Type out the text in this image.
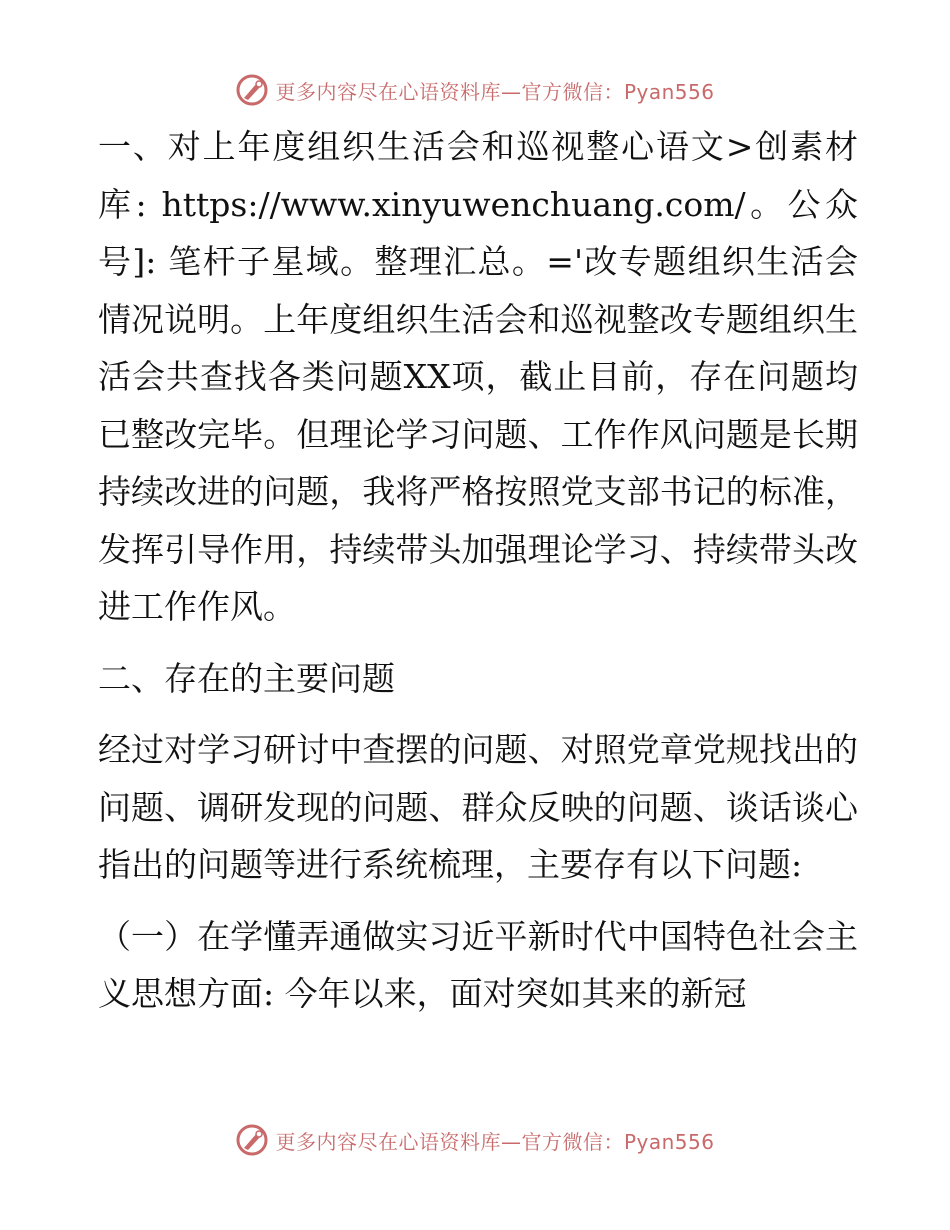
更多内容尽在心语资料库—官方微信：Pyan556

一、对上年度组织生活会和巡视整心语文>创素材库: https://www.xinyuwenchuang.com/。公众号]: 笔杆子星域。整理汇总。='改专题组织生活会情况说明。上年度组织生活会和巡视整改专题组织生活会共查找各类问题XX项，截止目前，存在问题均已整改完毕。但理论学习问题、工作作风问题是长期持续改进的问题，我将严格按照党支部书记的标准，发挥引导作用，持续带头加强理论学习、持续带头改进工作作风。

二、存在的主要问题

经过对学习研讨中查摆的问题、对照党章党规找出的问题、调研发现的问题、群众反映的问题、谈话谈心指出的问题等进行系统梳理，主要存有以下问题:

（一）在学懂弄通做实习近平新时代中国特色社会主义思想方面: 今年以来，面对突如其来的新冠

更多内容尽在心语资料库—官方微信：Pyan556
